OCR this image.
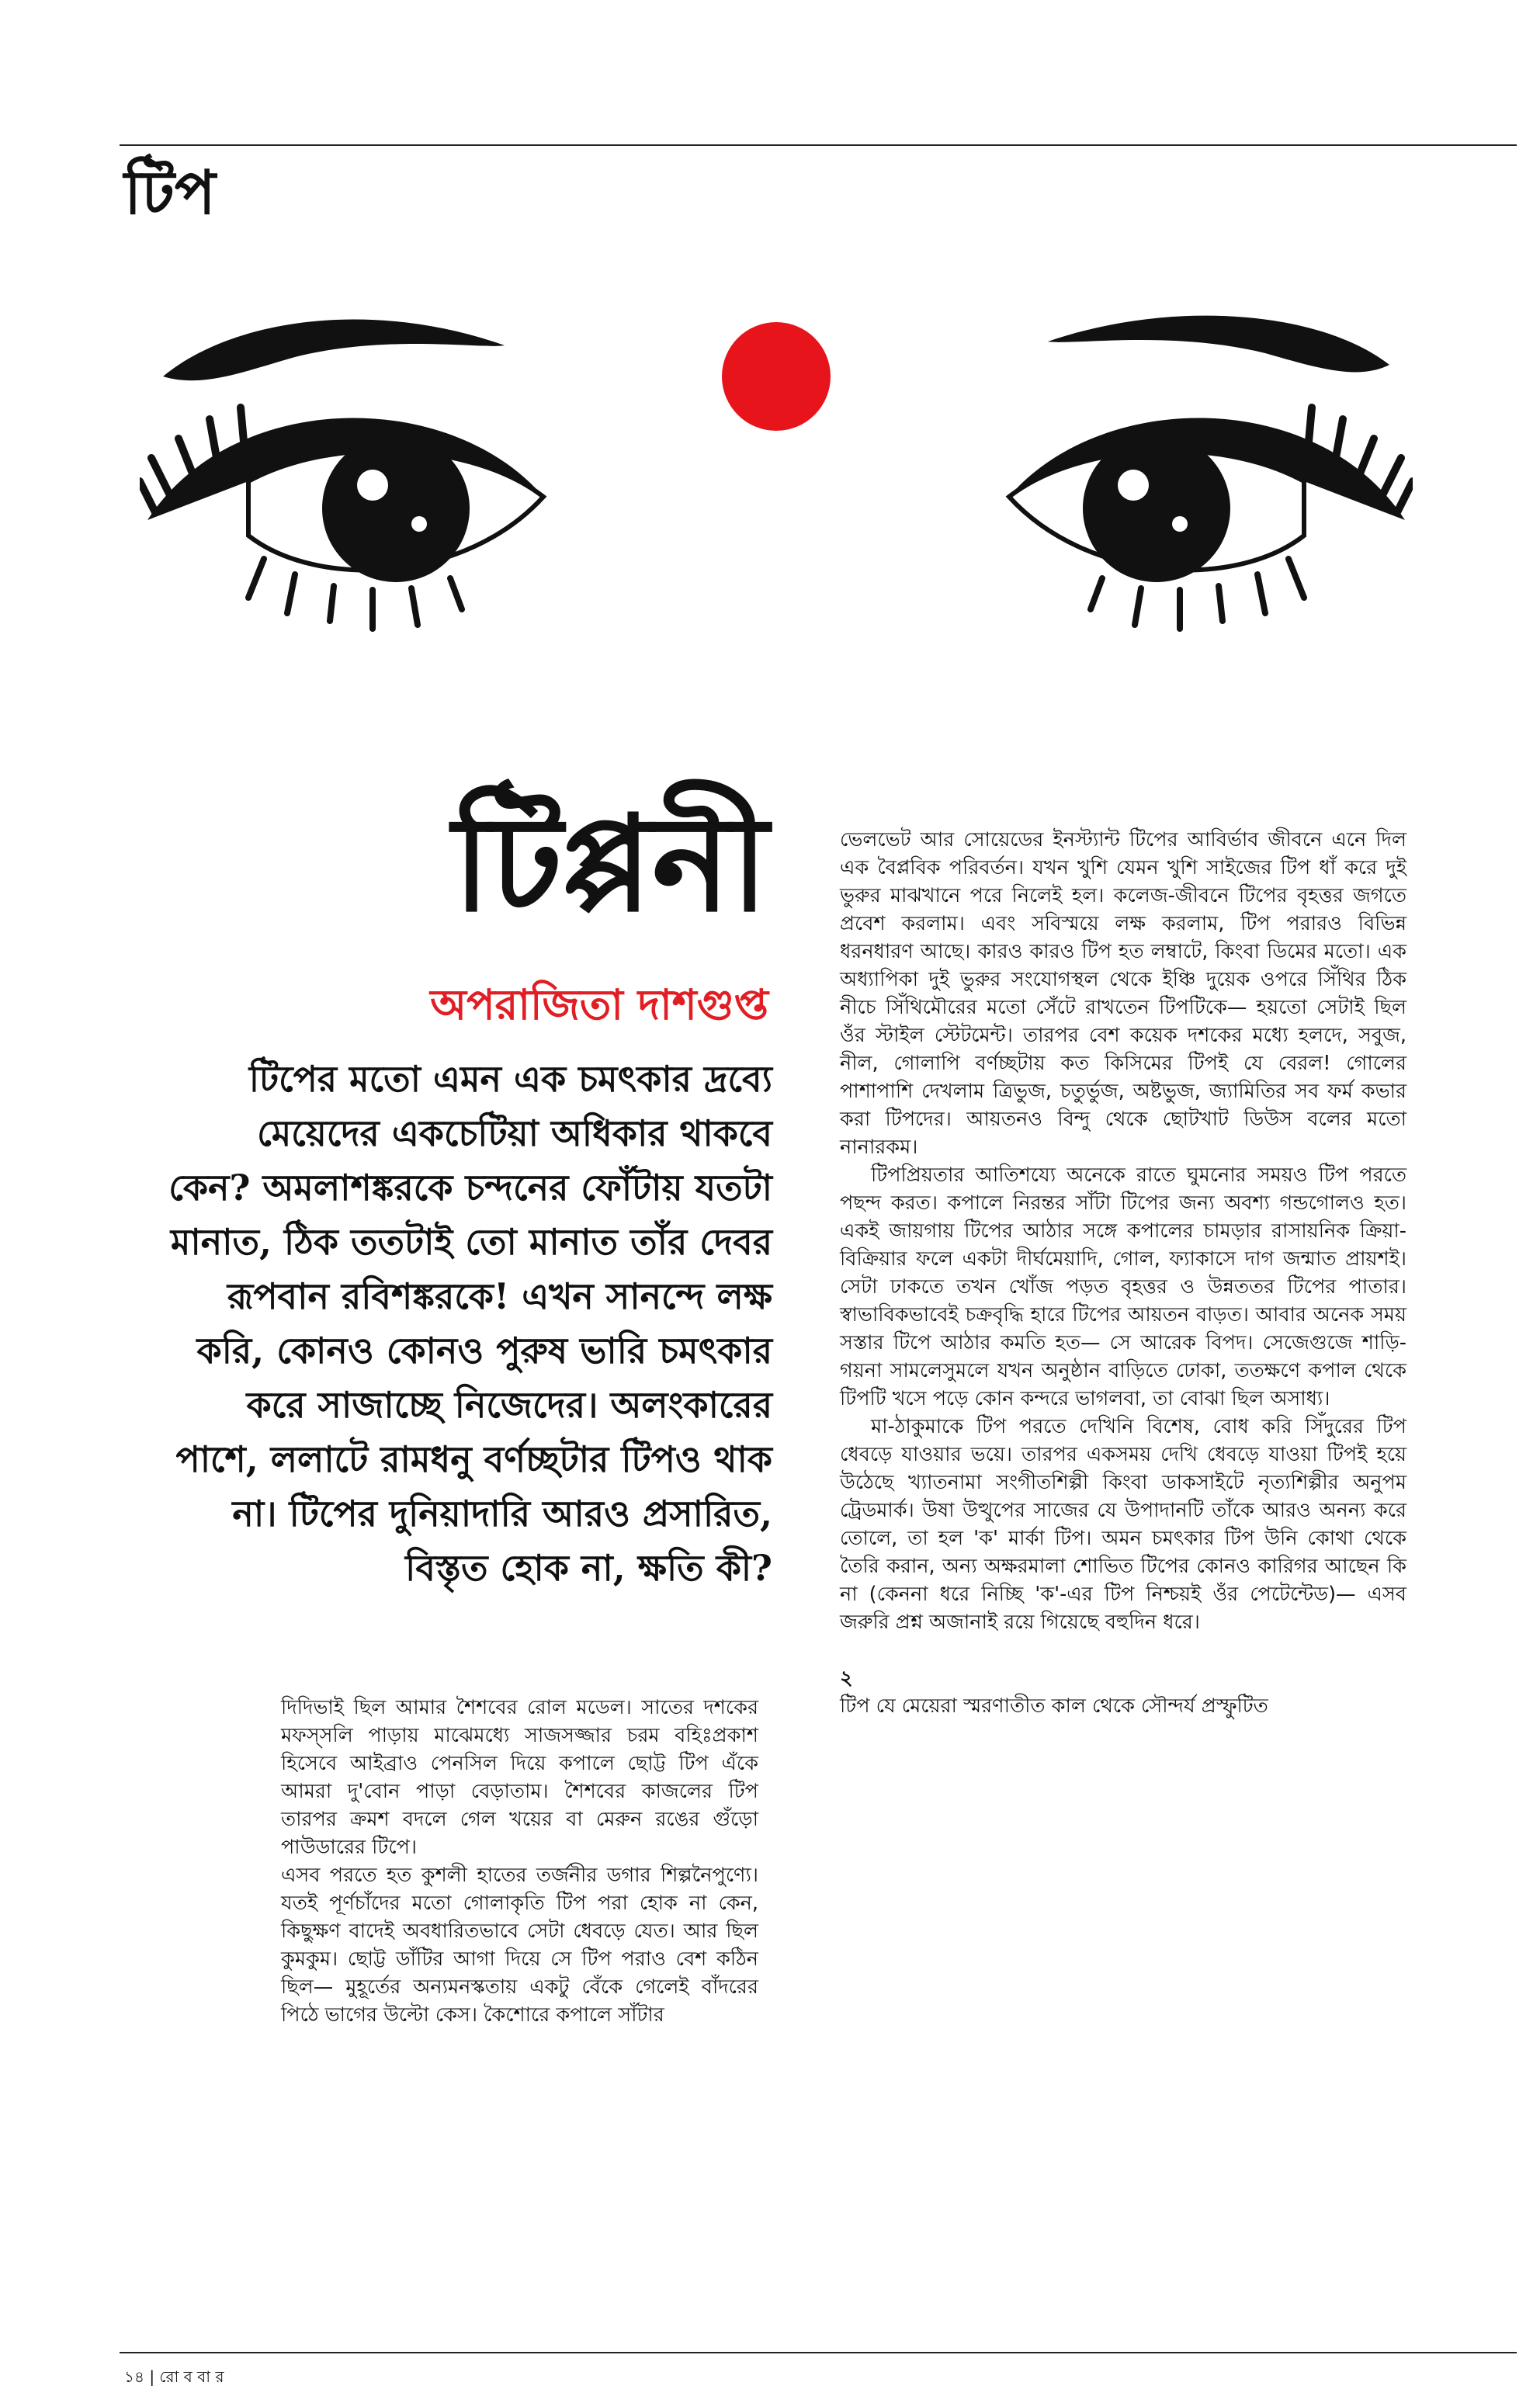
টিপ
টিপ্পনী
অপরাজিতা দাশগুপ্ত

টিপের মতো এমন এক চমৎকার দ্রব্যে মেয়েদের একচেটিয়া অধিকার থাকবে কেন? অমলাশঙ্করকে চন্দনের ফোঁটায় যতটা মানাত, ঠিক ততটাই তো মানাত তাঁর দেবর রূপবান রবিশঙ্করকে! এখন সানন্দে লক্ষ করি, কোনও কোনও পুরুষ ভারি চমৎকার করে সাজাচ্ছে নিজেদের। অলংকারের পাশে, ললাটে রামধনু বর্ণচ্ছটার টিপও থাক না। টিপের দুনিয়াদারি আরও প্রসারিত, বিস্তৃত হোক না, ক্ষতি কী?

দিদিভাই ছিল আমার শৈশবের রোল মডেল। সাতের দশকের মফস্সলি পাড়ায় মাঝেমধ্যে সাজসজ্জার চরম বহিঃপ্রকাশ হিসেবে আইব্রাও পেনসিল দিয়ে কপালে ছোট্ট টিপ এঁকে আমরা দু'বোন পাড়া বেড়াতাম। শৈশবের কাজলের টিপ তারপর ক্রমশ বদলে গেল খয়ের বা মেরুন রঙের গুঁড়ো পাউডারের টিপে।

এসব পরতে হত কুশলী হাতের তর্জনীর ডগার শিল্পনৈপুণ্যে। যতই পূর্ণচাঁদের মতো গোলাকৃতি টিপ পরা হোক না কেন, কিছুক্ষণ বাদেই অবধারিতভাবে সেটা ধেবড়ে যেত। আর ছিল কুমকুম। ছোট্ট ডাঁটির আগা দিয়ে সে টিপ পরাও বেশ কঠিন ছিল— মুহূর্তের অন্যমনস্কতায় একটু বেঁকে গেলেই বাঁদরের পিঠে ভাগের উল্টো কেস। কৈশোরে কপালে সাঁটার

ভেলভেট আর সোয়েডের ইনস্ট্যান্ট টিপের আবির্ভাব জীবনে এনে দিল এক বৈপ্লবিক পরিবর্তন। যখন খুশি যেমন খুশি সাইজের টিপ ধাঁ করে দুই ভুরুর মাঝখানে পরে নিলেই হল। কলেজ-জীবনে টিপের বৃহত্তর জগতে প্রবেশ করলাম। এবং সবিস্ময়ে লক্ষ করলাম, টিপ পরারও বিভিন্ন ধরনধারণ আছে। কারও কারও টিপ হত লম্বাটে, কিংবা ডিমের মতো। এক অধ্যাপিকা দুই ভুরুর সংযোগস্থল থেকে ইঞ্চি দুয়েক ওপরে সিঁথির ঠিক নীচে সিঁথিমৌরের মতো সেঁটে রাখতেন টিপটিকে— হয়তো সেটাই ছিল ওঁর স্টাইল স্টেটমেন্ট। তারপর বেশ কয়েক দশকের মধ্যে হলদে, সবুজ, নীল, গোলাপি বর্ণচ্ছটায় কত কিসিমের টিপই যে বেরল! গোলের পাশাপাশি দেখলাম ত্রিভুজ, চতুর্ভুজ, অষ্টভুজ, জ্যামিতির সব ফর্ম কভার করা টিপদের। আয়তনও বিন্দু থেকে ছোটখাট ডিউস বলের মতো নানারকম।

টিপপ্রিয়তার আতিশয্যে অনেকে রাতে ঘুমনোর সময়ও টিপ পরতে পছন্দ করত। কপালে নিরন্তর সাঁটা টিপের জন্য অবশ্য গন্ডগোলও হত। একই জায়গায় টিপের আঠার সঙ্গে কপালের চামড়ার রাসায়নিক ক্রিয়া-বিক্রিয়ার ফলে একটা দীর্ঘমেয়াদি, গোল, ফ্যাকাসে দাগ জন্মাত প্রায়শই। সেটা ঢাকতে তখন খোঁজ পড়ত বৃহত্তর ও উন্নততর টিপের পাতার। স্বাভাবিকভাবেই চক্রবৃদ্ধি হারে টিপের আয়তন বাড়ত। আবার অনেক সময় সস্তার টিপে আঠার কমতি হত— সে আরেক বিপদ। সেজেগুজে শাড়ি-গয়না সামলেসুমলে যখন অনুষ্ঠান বাড়িতে ঢোকা, ততক্ষণে কপাল থেকে টিপটি খসে পড়ে কোন কন্দরে ভাগলবা, তা বোঝা ছিল অসাধ্য।

মা-ঠাকুমাকে টিপ পরতে দেখিনি বিশেষ, বোধ করি সিঁদুরের টিপ ধেবড়ে যাওয়ার ভয়ে। তারপর একসময় দেখি ধেবড়ে যাওয়া টিপই হয়ে উঠেছে খ্যাতনামা সংগীতশিল্পী কিংবা ডাকসাইটে নৃত্যশিল্পীর অনুপম ট্রেডমার্ক। উষা উত্থুপের সাজের যে উপাদানটি তাঁকে আরও অনন্য করে তোলে, তা হল 'ক' মার্কা টিপ। অমন চমৎকার টিপ উনি কোথা থেকে তৈরি করান, অন্য অক্ষরমালা শোভিত টিপের কোনও কারিগর আছেন কি না (কেননা ধরে নিচ্ছি 'ক'-এর টিপ নিশ্চয়ই ওঁর পেটেন্টেড)— এসব জরুরি প্রশ্ন অজানাই রয়ে গিয়েছে বহুদিন ধরে।

২

টিপ যে মেয়েরা স্মরণাতীত কাল থেকে সৌন্দর্য প্রস্ফুটিত

১৪ | রো ব বা র
